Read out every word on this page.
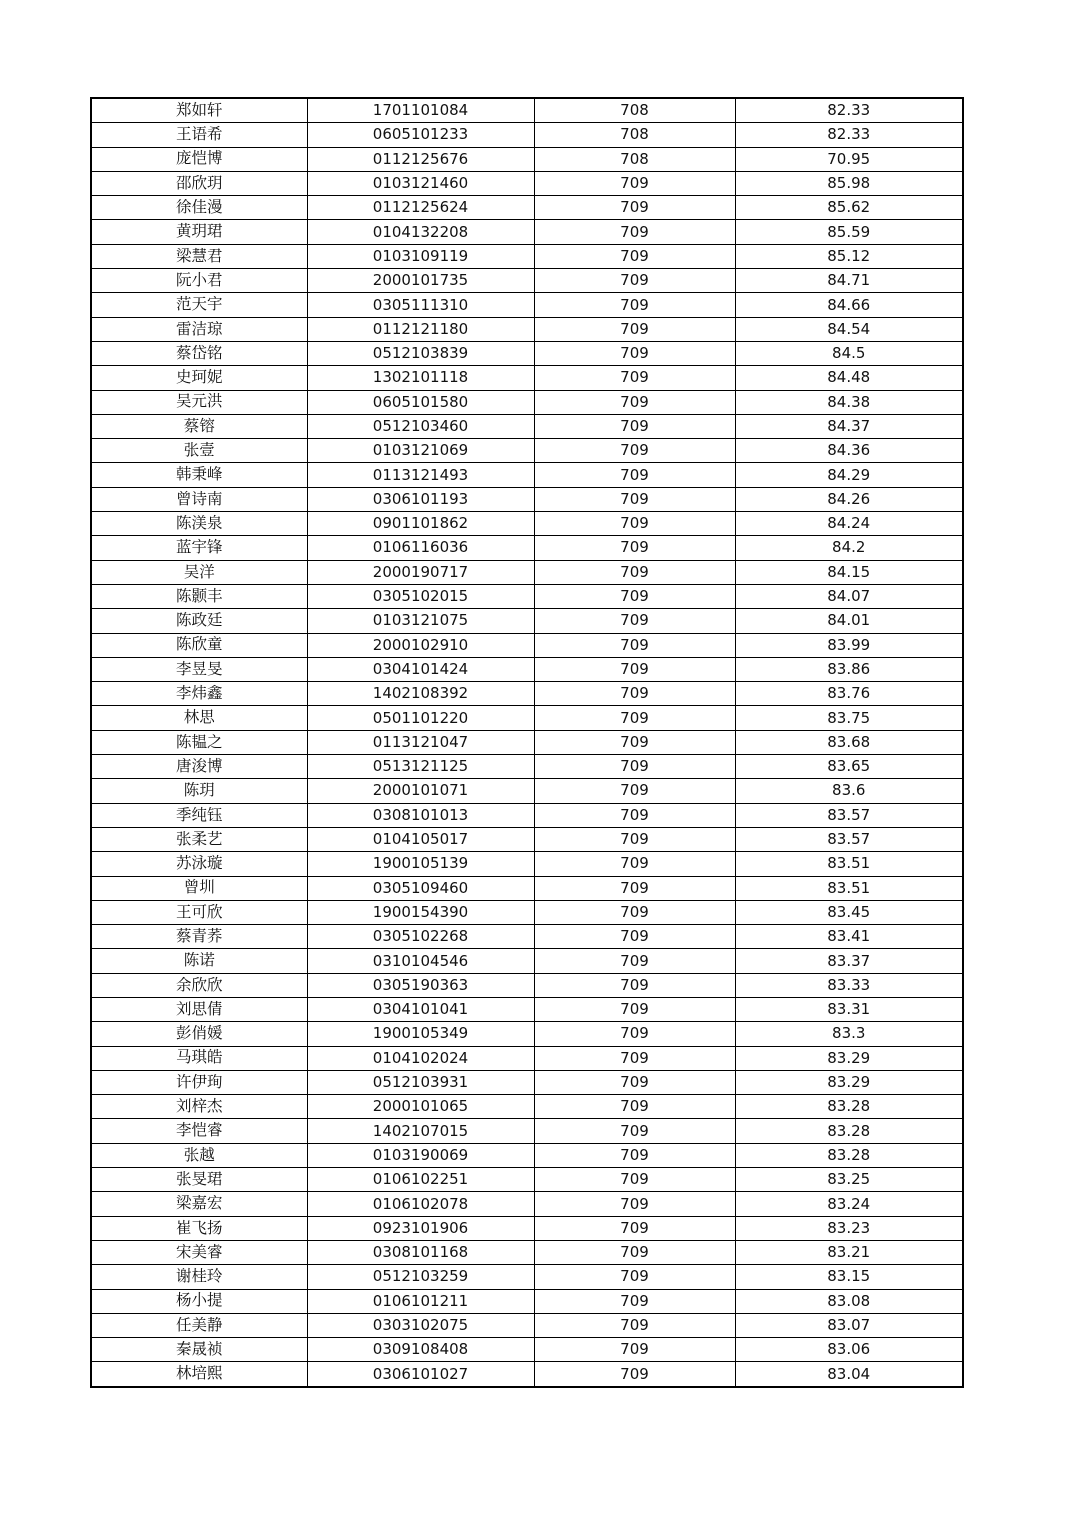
郑如轩	1701101084	708	82.33
王语希	0605101233	708	82.33
庞恺博	0112125676	708	70.95
邵欣玥	0103121460	709	85.98
徐佳漫	0112125624	709	85.62
黄玥珺	0104132208	709	85.59
梁慧君	0103109119	709	85.12
阮小君	2000101735	709	84.71
范天宇	0305111310	709	84.66
雷洁琼	0112121180	709	84.54
蔡岱铭	0512103839	709	84.5
史珂妮	1302101118	709	84.48
吴元洪	0605101580	709	84.38
蔡镕	0512103460	709	84.37
张壹	0103121069	709	84.36
韩秉峰	0113121493	709	84.29
曾诗南	0306101193	709	84.26
陈渼泉	0901101862	709	84.24
蓝宇锋	0106116036	709	84.2
吴洋	2000190717	709	84.15
陈颢丰	0305102015	709	84.07
陈政廷	0103121075	709	84.01
陈欣童	2000102910	709	83.99
李昱旻	0304101424	709	83.86
李炜鑫	1402108392	709	83.76
林思	0501101220	709	83.75
陈韫之	0113121047	709	83.68
唐浚博	0513121125	709	83.65
陈玥	2000101071	709	83.6
季纯钰	0308101013	709	83.57
张柔艺	0104105017	709	83.57
苏泳璇	1900105139	709	83.51
曾圳	0305109460	709	83.51
王可欣	1900154390	709	83.45
蔡青荞	0305102268	709	83.41
陈诺	0310104546	709	83.37
余欣欣	0305190363	709	83.33
刘思倩	0304101041	709	83.31
彭俏媛	1900105349	709	83.3
马琪皓	0104102024	709	83.29
许伊珣	0512103931	709	83.29
刘梓杰	2000101065	709	83.28
李恺睿	1402107015	709	83.28
张越	0103190069	709	83.28
张旻珺	0106102251	709	83.25
梁嘉宏	0106102078	709	83.24
崔飞扬	0923101906	709	83.23
宋美睿	0308101168	709	83.21
谢桂玲	0512103259	709	83.15
杨小提	0106101211	709	83.08
任美静	0303102075	709	83.07
秦晟祯	0309108408	709	83.06
林培熙	0306101027	709	83.04
